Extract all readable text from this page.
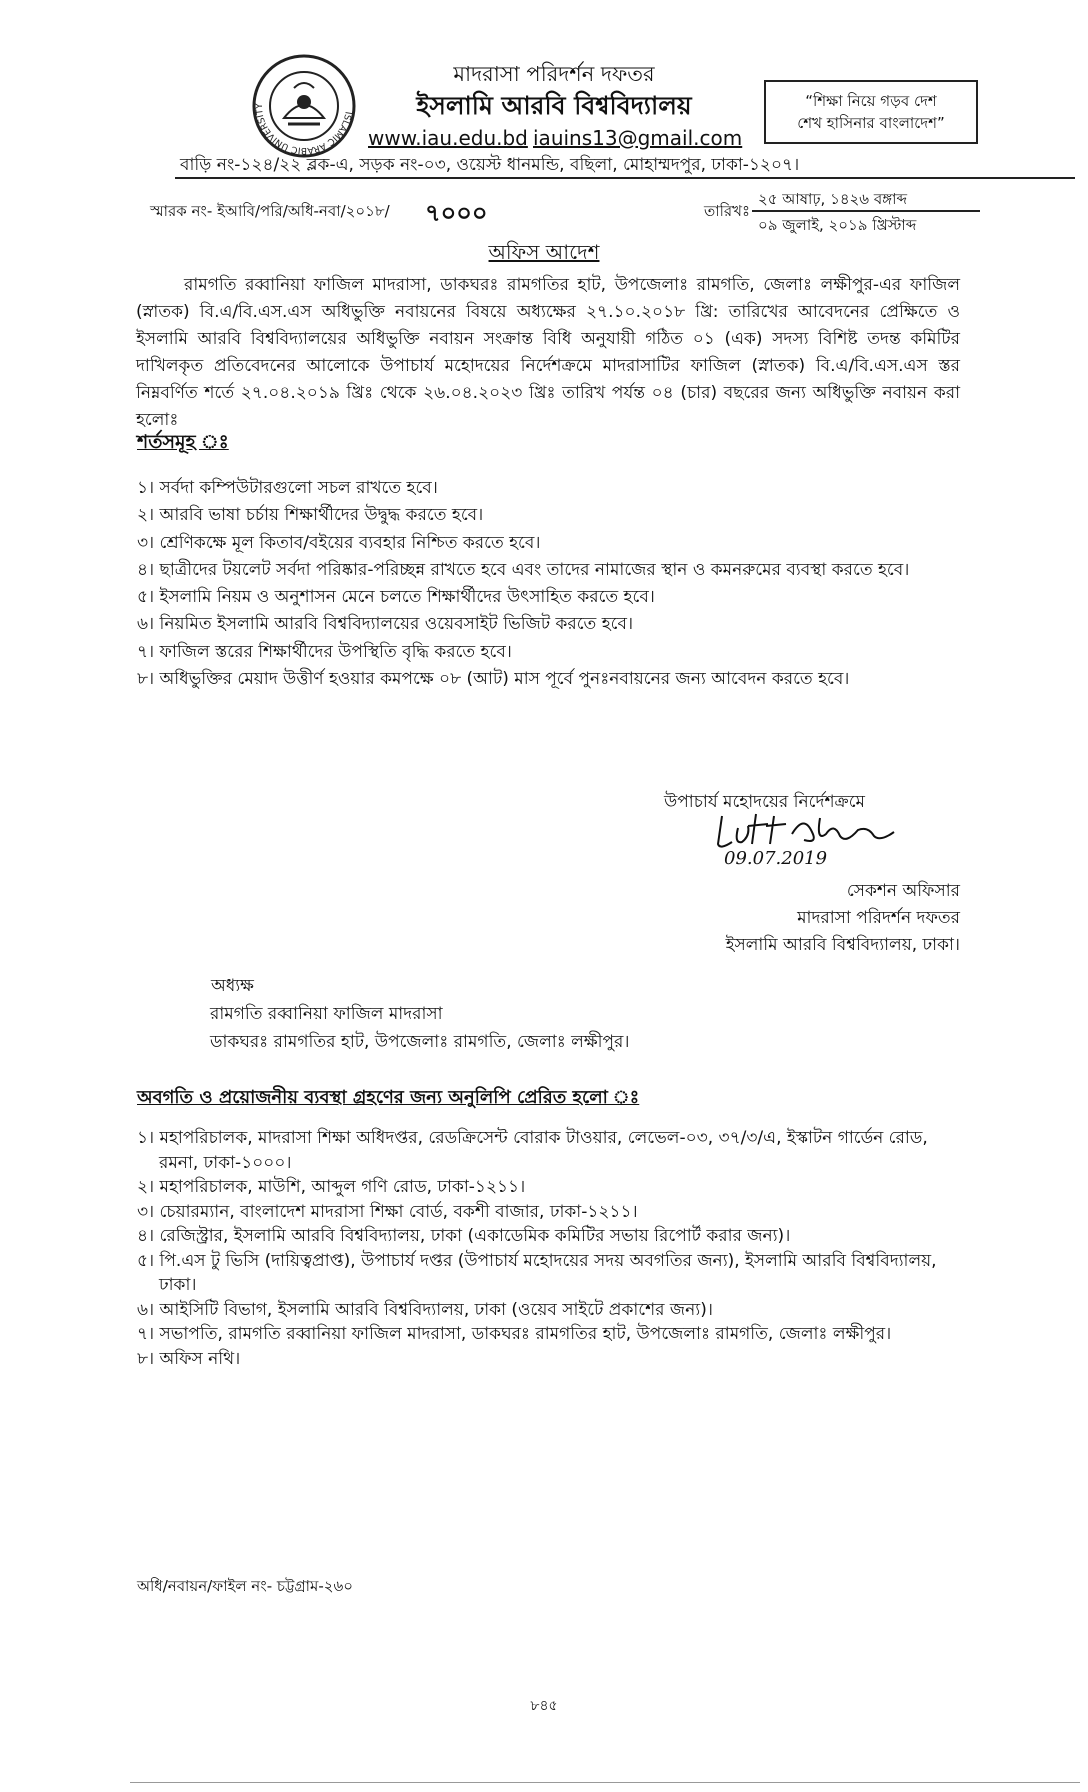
ISLAMIC ARABIC UNIVERSITY
মাদরাসা পরিদর্শন দফতর
ইসলামি আরবি বিশ্ববিদ্যালয়
www.iau.edu.bd iauins13@gmail.com
“শিক্ষা নিয়ে গড়ব দেশ
শেখ হাসিনার বাংলাদেশ”
বাড়ি নং-১২৪/২২ ব্লক-এ, সড়ক নং-০৩, ওয়েস্ট ধানমন্ডি, বছিলা, মোহাম্মদপুর, ঢাকা-১২০৭।
স্মারক নং- ইআবি/পরি/অধি-নবা/২০১৮/ ৭০০০	তারিখঃ
২৫ আষাঢ়, ১৪২৬ বঙ্গাব্দ
০৯ জুলাই, ২০১৯ খ্রিস্টাব্দ
অফিস আদেশ
রামগতি রব্বানিয়া ফাজিল মাদরাসা, ডাকঘরঃ রামগতির হাট, উপজেলাঃ রামগতি, জেলাঃ লক্ষীপুর-এর ফাজিল (স্নাতক) বি.এ/বি.এস.এস অধিভুক্তি নবায়নের বিষয়ে অধ্যক্ষের ২৭.১০.২০১৮ খ্রি: তারিখের আবেদনের প্রেক্ষিতে ও ইসলামি আরবি বিশ্ববিদ্যালয়ের অধিভুক্তি নবায়ন সংক্রান্ত বিধি অনুযায়ী গঠিত ০১ (এক) সদস্য বিশিষ্ট তদন্ত কমিটির দাখিলকৃত প্রতিবেদনের আলোকে উপাচার্য মহোদয়ের নির্দেশক্রমে মাদরাসাটির ফাজিল (স্নাতক) বি.এ/বি.এস.এস স্তর নিম্নবর্ণিত শর্তে ২৭.০৪.২০১৯ খ্রিঃ থেকে ২৬.০৪.২০২৩ খ্রিঃ তারিখ পর্যন্ত ০৪ (চার) বছরের জন্য অধিভুক্তি নবায়ন করা হলোঃ
শর্তসমূহ ঃ
১। সর্বদা কম্পিউটারগুলো সচল রাখতে হবে।
২। আরবি ভাষা চর্চায় শিক্ষার্থীদের উদ্বুদ্ধ করতে হবে।
৩। শ্রেণিকক্ষে মূল কিতাব/বইয়ের ব্যবহার নিশ্চিত করতে হবে।
৪। ছাত্রীদের টয়লেট সর্বদা পরিষ্কার-পরিচ্ছন্ন রাখতে হবে এবং তাদের নামাজের স্থান ও কমনরুমের ব্যবস্থা করতে হবে।
৫। ইসলামি নিয়ম ও অনুশাসন মেনে চলতে শিক্ষার্থীদের উৎসাহিত করতে হবে।
৬। নিয়মিত ইসলামি আরবি বিশ্ববিদ্যালয়ের ওয়েবসাইট ভিজিট করতে হবে।
৭। ফাজিল স্তরের শিক্ষার্থীদের উপস্থিতি বৃদ্ধি করতে হবে।
৮। অধিভুক্তির মেয়াদ উত্তীর্ণ হওয়ার কমপক্ষে ০৮ (আট) মাস পূর্বে পুনঃনবায়নের জন্য আবেদন করতে হবে।
উপাচার্য মহোদয়ের নির্দেশক্রমে
09.07.2019
সেকশন অফিসার
মাদরাসা পরিদর্শন দফতর
ইসলামি আরবি বিশ্ববিদ্যালয়, ঢাকা।
অধ্যক্ষ
রামগতি রব্বানিয়া ফাজিল মাদরাসা
ডাকঘরঃ রামগতির হাট, উপজেলাঃ রামগতি, জেলাঃ লক্ষীপুর।
অবগতি ও প্রয়োজনীয় ব্যবস্থা গ্রহণের জন্য অনুলিপি প্রেরিত হলো ঃ
১। মহাপরিচালক, মাদরাসা শিক্ষা অধিদপ্তর, রেডক্রিসেন্ট বোরাক টাওয়ার, লেভেল-০৩, ৩৭/৩/এ, ইস্কাটন গার্ডেন রোড, রমনা, ঢাকা-১০০০।
২। মহাপরিচালক, মাউশি, আব্দুল গণি রোড, ঢাকা-১২১১।
৩। চেয়ারম্যান, বাংলাদেশ মাদরাসা শিক্ষা বোর্ড, বকশী বাজার, ঢাকা-১২১১।
৪। রেজিস্ট্রার, ইসলামি আরবি বিশ্ববিদ্যালয়, ঢাকা (একাডেমিক কমিটির সভায় রিপোর্ট করার জন্য)।
৫। পি.এস টু ভিসি (দায়িত্বপ্রাপ্ত), উপাচার্য দপ্তর (উপাচার্য মহোদয়ের সদয় অবগতির জন্য), ইসলামি আরবি বিশ্ববিদ্যালয়, ঢাকা।
৬। আইসিটি বিভাগ, ইসলামি আরবি বিশ্ববিদ্যালয়, ঢাকা (ওয়েব সাইটে প্রকাশের জন্য)।
৭। সভাপতি, রামগতি রব্বানিয়া ফাজিল মাদরাসা, ডাকঘরঃ রামগতির হাট, উপজেলাঃ রামগতি, জেলাঃ লক্ষীপুর।
৮। অফিস নথি।
অধি/নবায়ন/ফাইল নং- চট্টগ্রাম-২৬০
৮৪৫
